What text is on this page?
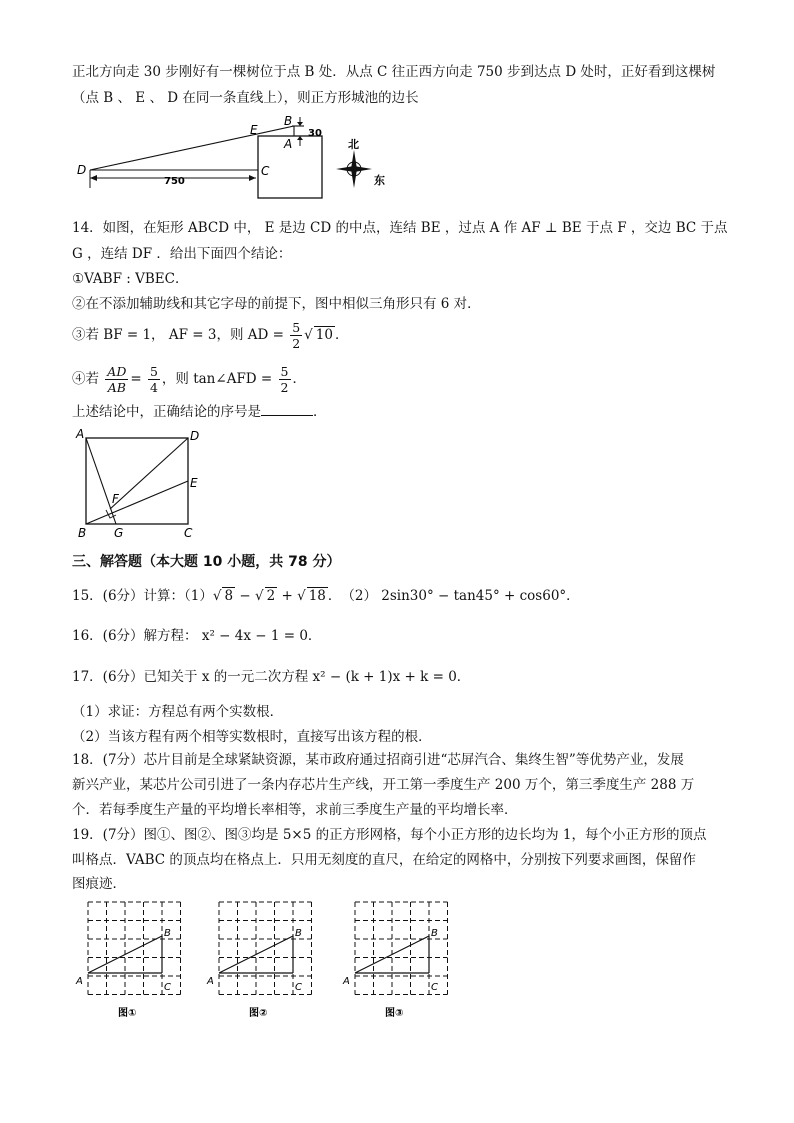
正北方向走 30 步刚好有一棵树位于点 B 处．从点 C 往正西方向走 750 步到达点 D 处时，正好看到这棵树
（点 B 、 E 、 D 在同一条直线上），则正方形城池的边长
D
E
B
A
C
30
750
北
东
14．如图，在矩形 ABCD 中， E 是边 CD 的中点，连结 BE ，过点 A 作 AF ⊥ BE 于点 F ，交边 BC 于点
G ，连结 DF ．给出下面四个结论：
①VABF : VBEC．
②在不添加辅助线和其它字母的前提下，图中相似三角形只有 6 对．
③若 BF = 1， AF = 3，则 AD = $\frac{5}{2}$ √ 10 ．
④若 $\frac{AD}{AB} = \frac{5}{4}$ ，则 tan∠AFD = $\frac{5}{2}$ ．
上述结论中，正确结论的序号是	．
A	D
E
F
B G	C
三、解答题（本大题 10 小题，共 78 分）
15．(6分）计算：（1）√ 8 − √ 2 + √ 18 ．　（2） 2sin30° − tan45° + cos60°．
16．(6分）解方程： x² − 4x − 1 = 0．
17．(6分）已知关于 x 的一元二次方程 x² − (k + 1)x + k = 0．
（1）求证：方程总有两个实数根．
（2）当该方程有两个相等实数根时，直接写出该方程的根．
18．(7分）芯片目前是全球紧缺资源，某市政府通过招商引进“芯屏汽合、集终生智”等优势产业，发展
新兴产业，某芯片公司引进了一条内存芯片生产线，开工第一季度生产 200 万个，第三季度生产 288 万
个．若每季度生产量的平均增长率相等，求前三季度生产量的平均增长率．
19．(7分）图①、图②、图③均是 5×5 的正方形网格，每个小正方形的边长均为 1，每个小正方形的顶点
叫格点．VABC 的顶点均在格点上．只用无刻度的直尺，在给定的网格中，分别按下列要求画图，保留作
图痕迹．
A
B
C
图①
A
B
C
图②
A
B
C
图③
